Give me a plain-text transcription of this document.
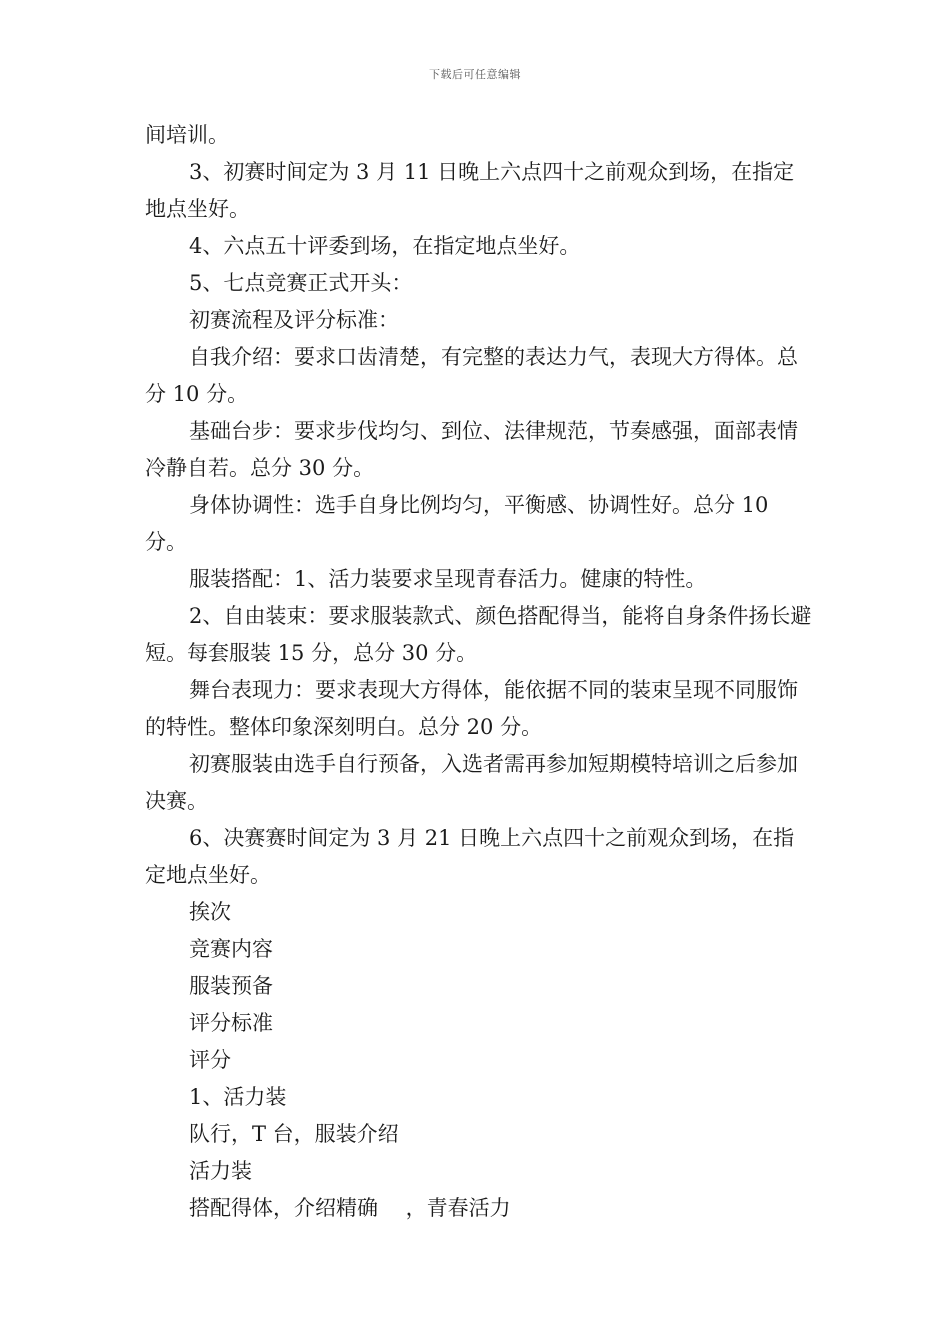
下载后可任意编辑

间培训。

3、初赛时间定为 3 月 11 日晚上六点四十之前观众到场，在指定地点坐好。

4、六点五十评委到场，在指定地点坐好。

5、七点竞赛正式开头：

初赛流程及评分标准：

自我介绍：要求口齿清楚，有完整的表达力气，表现大方得体。总分 10 分。

基础台步：要求步伐均匀、到位、法律规范，节奏感强，面部表情冷静自若。总分 30 分。

身体协调性：选手自身比例均匀，平衡感、协调性好。总分 10 分。

服装搭配：1、活力装要求呈现青春活力。健康的特性。

2、自由装束：要求服装款式、颜色搭配得当，能将自身条件扬长避短。每套服装 15 分，总分 30 分。

舞台表现力：要求表现大方得体，能依据不同的装束呈现不同服饰的特性。整体印象深刻明白。总分 20 分。

初赛服装由选手自行预备，入选者需再参加短期模特培训之后参加决赛。

6、决赛赛时间定为 3 月 21 日晚上六点四十之前观众到场，在指定地点坐好。

挨次

竞赛内容

服装预备

评分标准

评分

1、活力装

队行，T 台，服装介绍

活力装

搭配得体，介绍精确　 ，青春活力
